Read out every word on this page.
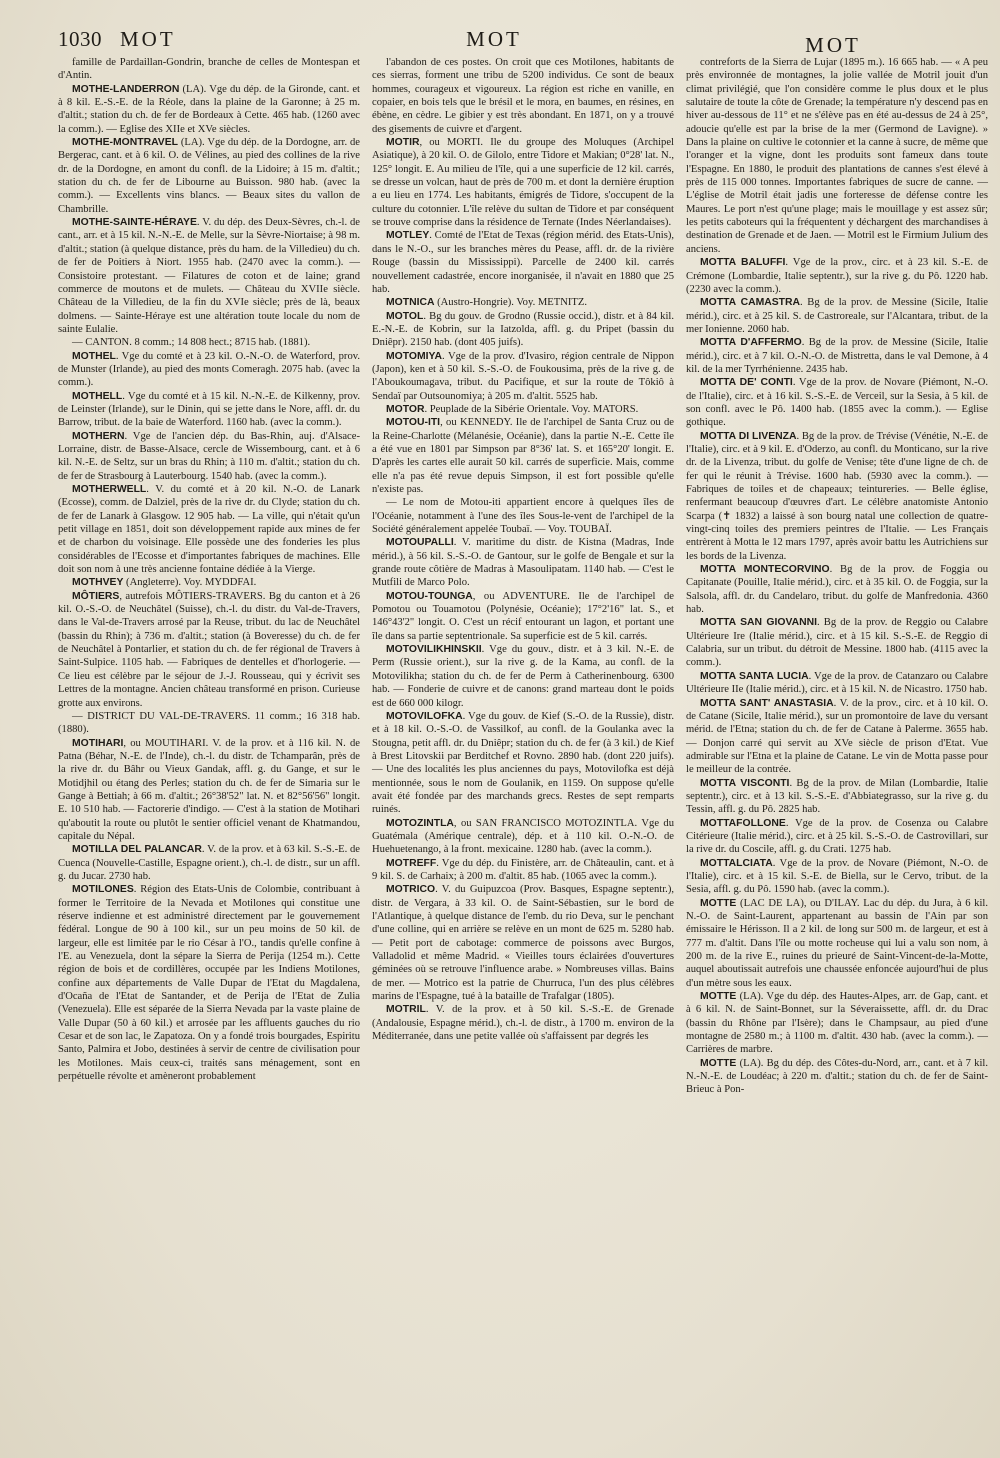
1030 MOT	MOT	MOT

famille de Pardaillan-Gondrin, branche de celles de Montespan et d'Antin.

MOTHE-LANDERRON (LA). Vge du dép. de la Gironde, cant. et à 8 kil. E.-S.-E. de la Réole, dans la plaine de la Garonne; à 25 m. d'altit.; station du ch. de fer de Bordeaux à Cette. 465 hab. (1260 avec la comm.). — Eglise des XIIe et XVe siècles.

MOTHE-MONTRAVEL (LA). Vge du dép. de la Dordogne, arr. de Bergerac, cant. et à 6 kil. O. de Vélines, au pied des collines de la rive dr. de la Dordogne, en amont du confl. de la Lidoire; à 15 m. d'altit.; station du ch. de fer de Libourne au Buisson. 980 hab. (avec la comm.). — Excellents vins blancs. — Beaux sites du vallon de Chambrille.

MOTHE-SAINTE-HÉRAYE. V. du dép. des Deux-Sèvres, ch.-l. de cant., arr. et à 15 kil. N.-N.-E. de Melle, sur la Sèvre-Niortaise; à 98 m. d'altit.; station (à quelque distance, près du ham. de la Villedieu) du ch. de fer de Poitiers à Niort. 1955 hab. (2470 avec la comm.). — Consistoire protestant. — Filatures de coton et de laine; grand commerce de moutons et de mulets. — Château du XVIIe siècle. Château de la Villedieu, de la fin du XVIe siècle; près de là, beaux dolmens. — Sainte-Héraye est une altération toute locale du nom de sainte Eulalie.

— CANTON. 8 comm.; 14 808 hect.; 8715 hab. (1881).

MOTHEL. Vge du comté et à 23 kil. O.-N.-O. de Waterford, prov. de Munster (Irlande), au pied des monts Comeragh. 2075 hab. (avec la comm.).

MOTHELL. Vge du comté et à 15 kil. N.-N.-E. de Kilkenny, prov. de Leinster (Irlande), sur le Dinin, qui se jette dans le Nore, affl. dr. du Barrow, tribut. de la baie de Waterford. 1160 hab. (avec la comm.).

MOTHERN. Vge de l'ancien dép. du Bas-Rhin, auj. d'Alsace-Lorraine, distr. de Basse-Alsace, cercle de Wissembourg, cant. et à 6 kil. N.-E. de Seltz, sur un bras du Rhin; à 110 m. d'altit.; station du ch. de fer de Strasbourg à Lauterbourg. 1540 hab. (avec la comm.).

MOTHERWELL. V. du comté et à 20 kil. N.-O. de Lanark (Ecosse), comm. de Dalziel, près de la rive dr. du Clyde; station du ch. de fer de Lanark à Glasgow. 12 905 hab. — La ville, qui n'était qu'un petit village en 1851, doit son développement rapide aux mines de fer et de charbon du voisinage. Elle possède une des fonderies les plus considérables de l'Ecosse et d'importantes fabriques de machines. Elle doit son nom à une très ancienne fontaine dédiée à la Vierge.

MOTHVEY (Angleterre). Voy. MYDDFAI.

MÔTIERS, autrefois MÔTIERS-TRAVERS. Bg du canton et à 26 kil. O.-S.-O. de Neuchâtel (Suisse), ch.-l. du distr. du Val-de-Travers, dans le Val-de-Travers arrosé par la Reuse, tribut. du lac de Neuchâtel (bassin du Rhin); à 736 m. d'altit.; station (à Boveresse) du ch. de fer de Neuchâtel à Pontarlier, et station du ch. de fer régional de Travers à Saint-Sulpice. 1105 hab. — Fabriques de dentelles et d'horlogerie. — Ce lieu est célèbre par le séjour de J.-J. Rousseau, qui y écrivit ses Lettres de la montagne. Ancien château transformé en prison. Curieuse grotte aux environs.

— DISTRICT DU VAL-DE-TRAVERS. 11 comm.; 16 318 hab. (1880).

MOTIHARI, ou MOUTIHARI. V. de la prov. et à 116 kil. N. de Patna (Béhar, N.-E. de l'Inde), ch.-l. du distr. de Tchamparân, près de la rive dr. du Bâhr ou Vieux Gandak, affl. g. du Gange, et sur le Motidjhil ou étang des Perles; station du ch. de fer de Simaria sur le Gange à Bettiah; à 66 m. d'altit.; 26°38'52" lat. N. et 82°56'56" longit. E. 10 510 hab. — Factorerie d'indigo. — C'est à la station de Motihari qu'aboutit la route ou plutôt le sentier officiel venant de Khatmandou, capitale du Népal.

MOTILLA DEL PALANCAR. V. de la prov. et à 63 kil. S.-S.-E. de Cuenca (Nouvelle-Castille, Espagne orient.), ch.-l. de distr., sur un affl. g. du Jucar. 2730 hab.

MOTILONES. Région des Etats-Unis de Colombie, contribuant à former le Territoire de la Nevada et Motilones qui constitue une réserve indienne et est administré directement par le gouvernement fédéral. Longue de 90 à 100 kil., sur un peu moins de 50 kil. de largeur, elle est limitée par le rio César à l'O., tandis qu'elle confine à l'E. au Venezuela, dont la sépare la Sierra de Perija (1254 m.). Cette région de bois et de cordillères, occupée par les Indiens Motilones, confine aux départements de Valle Dupar de l'Etat du Magdalena, d'Ocaña de l'Etat de Santander, et de Perija de l'Etat de Zulia (Venezuela). Elle est séparée de la Sierra Nevada par la vaste plaine de Valle Dupar (50 à 60 kil.) et arrosée par les affluents gauches du rio Cesar et de son lac, le Zapatoza. On y a fondé trois bourgades, Espiritu Santo, Palmira et Jobo, destinées à servir de centre de civilisation pour les Motilones. Mais ceux-ci, traités sans ménagement, sont en perpétuelle révolte et amèneront probablement

l'abandon de ces postes. On croit que ces Motilones, habitants de ces sierras, forment une tribu de 5200 individus. Ce sont de beaux hommes, courageux et vigoureux. La région est riche en vanille, en copaier, en bois tels que le brésil et le mora, en baumes, en résines, en ébène, en cèdre. Le gibier y est très abondant. En 1871, on y a trouvé des gisements de cuivre et d'argent.

MOTIR, ou MORTI. Ile du groupe des Moluques (Archipel Asiatique), à 20 kil. O. de Gilolo, entre Tidore et Makian; 0°28' lat. N., 125° longit. E. Au milieu de l'île, qui a une superficie de 12 kil. carrés, se dresse un volcan, haut de près de 700 m. et dont la dernière éruption a eu lieu en 1774. Les habitants, émigrés de Tidore, s'occupent de la culture du cotonnier. L'île relève du sultan de Tidore et par conséquent se trouve comprise dans la résidence de Ternate (Indes Néerlandaises).

MOTLEY. Comté de l'Etat de Texas (région mérid. des Etats-Unis), dans le N.-O., sur les branches mères du Pease, affl. dr. de la rivière Rouge (bassin du Mississippi). Parcelle de 2400 kil. carrés nouvellement cadastrée, encore inorganisée, il n'avait en 1880 que 25 hab.

MOTNICA (Austro-Hongrie). Voy. METNITZ.

MOTOL. Bg du gouv. de Grodno (Russie occid.), distr. et à 84 kil. E.-N.-E. de Kobrin, sur la Iatzolda, affl. g. du Pripet (bassin du Dniêpr). 2150 hab. (dont 405 juifs).

MOTOMIYA. Vge de la prov. d'Ivasiro, région centrale de Nippon (Japon), ken et à 50 kil. S.-S.-O. de Foukousima, près de la rive g. de l'Aboukoumagava, tribut. du Pacifique, et sur la route de Tôkiô à Sendaï par Outsounomiya; à 205 m. d'altit. 5525 hab.

MOTOR. Peuplade de la Sibérie Orientale. Voy. MATORS.

MOTOU-ITI, ou KENNEDY. Ile de l'archipel de Santa Cruz ou de la Reine-Charlotte (Mélanésie, Océanie), dans la partie N.-E. Cette île a été vue en 1801 par Simpson par 8°36' lat. S. et 165°20' longit. E. D'après les cartes elle aurait 50 kil. carrés de superficie. Mais, comme elle n'a pas été revue depuis Simpson, il est fort possible qu'elle n'existe pas.

— Le nom de Motou-iti appartient encore à quelques îles de l'Océanie, notamment à l'une des îles Sous-le-vent de l'archipel de la Société généralement appelée Toubaï. — Voy. TOUBAÏ.

MOTOUPALLI. V. maritime du distr. de Kistna (Madras, Inde mérid.), à 56 kil. S.-S.-O. de Gantour, sur le golfe de Bengale et sur la grande route côtière de Madras à Masoulipatam. 1140 hab. — C'est le Mutfili de Marco Polo.

MOTOU-TOUNGA, ou ADVENTURE. Ile de l'archipel de Pomotou ou Touamotou (Polynésie, Océanie); 17°2'16" lat. S., et 146°43'2" longit. O. C'est un récif entourant un lagon, et portant une île dans sa partie septentrionale. Sa superficie est de 5 kil. carrés.

MOTOVILIKHINSKII. Vge du gouv., distr. et à 3 kil. N.-E. de Perm (Russie orient.), sur la rive g. de la Kama, au confl. de la Motovilikha; station du ch. de fer de Perm à Catherinenbourg. 6300 hab. — Fonderie de cuivre et de canons: grand marteau dont le poids est de 660 000 kilogr.

MOTOVILOFKA. Vge du gouv. de Kief (S.-O. de la Russie), distr. et à 18 kil. O.-S.-O. de Vassilkof, au confl. de la Goulanka avec la Stougna, petit affl. dr. du Dniêpr; station du ch. de fer (à 3 kil.) de Kief à Brest Litovskii par Berditchef et Rovno. 2890 hab. (dont 220 juifs). — Une des localités les plus anciennes du pays, Motovilofka est déjà mentionnée, sous le nom de Goulanik, en 1159. On suppose qu'elle avait été fondée par des marchands grecs. Restes de sept remparts ruinés.

MOTOZINTLA, ou SAN FRANCISCO MOTOZINTLA. Vge du Guatémala (Amérique centrale), dép. et à 110 kil. O.-N.-O. de Huehuetenango, à la front. mexicaine. 1280 hab. (avec la comm.).

MOTREFF. Vge du dép. du Finistère, arr. de Châteaulin, cant. et à 9 kil. S. de Carhaix; à 200 m. d'altit. 85 hab. (1065 avec la comm.).

MOTRICO. V. du Guipuzcoa (Prov. Basques, Espagne septentr.), distr. de Vergara, à 33 kil. O. de Saint-Sébastien, sur le bord de l'Atlantique, à quelque distance de l'emb. du rio Deva, sur le penchant d'une colline, qui en arrière se relève en un mont de 625 m. 5280 hab. — Petit port de cabotage: commerce de poissons avec Burgos, Valladolid et même Madrid. « Vieilles tours éclairées d'ouvertures géminées où se retrouve l'influence arabe. » Nombreuses villas. Bains de mer. — Motrico est la patrie de Churruca, l'un des plus célèbres marins de l'Espagne, tué à la bataille de Trafalgar (1805).

MOTRIL. V. de la prov. et à 50 kil. S.-S.-E. de Grenade (Andalousie, Espagne mérid.), ch.-l. de distr., à 1700 m. environ de la Méditerranée, dans une petite vallée où s'affaissent par degrés les

contreforts de la Sierra de Lujar (1895 m.). 16 665 hab. — « A peu près environnée de montagnes, la jolie vallée de Motril jouit d'un climat privilégié, que l'on considère comme le plus doux et le plus salutaire de toute la côte de Grenade; la température n'y descend pas en hiver au-dessous de 11° et ne s'élève pas en été au-dessus de 24 à 25°, adoucie qu'elle est par la brise de la mer (Germond de Lavigne). » Dans la plaine on cultive le cotonnier et la canne à sucre, de même que l'oranger et la vigne, dont les produits sont fameux dans toute l'Espagne. En 1880, le produit des plantations de cannes s'est élevé à près de 115 000 tonnes. Importantes fabriques de sucre de canne. — L'église de Motril était jadis une forteresse de défense contre les Maures. Le port n'est qu'une plage; mais le mouillage y est assez sûr; les petits caboteurs qui la fréquentent y déchargent des marchandises à destination de Grenade et de Jaen. — Motril est le Firmium Julium des anciens.

MOTTA BALUFFI. Vge de la prov., circ. et à 23 kil. S.-E. de Crémone (Lombardie, Italie septentr.), sur la rive g. du Pô. 1220 hab. (2230 avec la comm.).

MOTTA CAMASTRA. Bg de la prov. de Messine (Sicile, Italie mérid.), circ. et à 25 kil. S. de Castroreale, sur l'Alcantara, tribut. de la mer Ionienne. 2060 hab.

MOTTA D'AFFERMO. Bg de la prov. de Messine (Sicile, Italie mérid.), circ. et à 7 kil. O.-N.-O. de Mistretta, dans le val Demone, à 4 kil. de la mer Tyrrhénienne. 2435 hab.

MOTTA DE' CONTI. Vge de la prov. de Novare (Piémont, N.-O. de l'Italie), circ. et à 16 kil. S.-S.-E. de Verceil, sur la Sesia, à 5 kil. de son confl. avec le Pô. 1400 hab. (1855 avec la comm.). — Eglise gothique.

MOTTA DI LIVENZA. Bg de la prov. de Trévise (Vénétie, N.-E. de l'Italie), circ. et à 9 kil. E. d'Oderzo, au confl. du Monticano, sur la rive dr. de la Livenza, tribut. du golfe de Venise; tête d'une ligne de ch. de fer qui le réunit à Trévise. 1600 hab. (5930 avec la comm.). — Fabriques de toiles et de chapeaux; teintureries. — Belle église, renfermant beaucoup d'œuvres d'art. Le célèbre anatomiste Antonio Scarpa (✝ 1832) a laissé à son bourg natal une collection de quatre-vingt-cinq toiles des premiers peintres de l'Italie. — Les Français entrèrent à Motta le 12 mars 1797, après avoir battu les Autrichiens sur les bords de la Livenza.

MOTTA MONTECORVINO. Bg de la prov. de Foggia ou Capitanate (Pouille, Italie mérid.), circ. et à 35 kil. O. de Foggia, sur la Salsola, affl. dr. du Candelaro, tribut. du golfe de Manfredonia. 4360 hab.

MOTTA SAN GIOVANNI. Bg de la prov. de Reggio ou Calabre Ultérieure Ire (Italie mérid.), circ. et à 15 kil. S.-S.-E. de Reggio di Calabria, sur un tribut. du détroit de Messine. 1800 hab. (4115 avec la comm.).

MOTTA SANTA LUCIA. Vge de la prov. de Catanzaro ou Calabre Ultérieure IIe (Italie mérid.), circ. et à 15 kil. N. de Nicastro. 1750 hab.

MOTTA SANT' ANASTASIA. V. de la prov., circ. et à 10 kil. O. de Catane (Sicile, Italie mérid.), sur un promontoire de lave du versant mérid. de l'Etna; station du ch. de fer de Catane à Palerme. 3655 hab. — Donjon carré qui servit au XVe siècle de prison d'Etat. Vue admirable sur l'Etna et la plaine de Catane. Le vin de Motta passe pour le meilleur de la contrée.

MOTTA VISCONTI. Bg de la prov. de Milan (Lombardie, Italie septentr.), circ. et à 13 kil. S.-S.-E. d'Abbiategrasso, sur la rive g. du Tessin, affl. g. du Pô. 2825 hab.

MOTTAFOLLONE. Vge de la prov. de Cosenza ou Calabre Citérieure (Italie mérid.), circ. et à 25 kil. S.-S.-O. de Castrovillari, sur la rive dr. du Coscile, affl. g. du Crati. 1275 hab.

MOTTALCIATA. Vge de la prov. de Novare (Piémont, N.-O. de l'Italie), circ. et à 15 kil. S.-E. de Biella, sur le Cervo, tribut. de la Sesia, affl. g. du Pô. 1590 hab. (avec la comm.).

MOTTE (LAC DE LA), ou D'ILAY. Lac du dép. du Jura, à 6 kil. N.-O. de Saint-Laurent, appartenant au bassin de l'Ain par son émissaire le Hérisson. Il a 2 kil. de long sur 500 m. de largeur, et est à 777 m. d'altit. Dans l'île ou motte rocheuse qui lui a valu son nom, à 200 m. de la rive E., ruines du prieuré de Saint-Vincent-de-la-Motte, auquel aboutissait autrefois une chaussée enfoncée aujourd'hui de plus d'un mètre sous les eaux.

MOTTE (LA). Vge du dép. des Hautes-Alpes, arr. de Gap, cant. et à 6 kil. N. de Saint-Bonnet, sur la Séveraissette, affl. dr. du Drac (bassin du Rhône par l'Isère); dans le Champsaur, au pied d'une montagne de 2580 m.; à 1100 m. d'altit. 430 hab. (avec la comm.). — Carrières de marbre.

MOTTE (LA). Bg du dép. des Côtes-du-Nord, arr., cant. et à 7 kil. N.-N.-E. de Loudéac; à 220 m. d'altit.; station du ch. de fer de Saint-Brieuc à Pon-
